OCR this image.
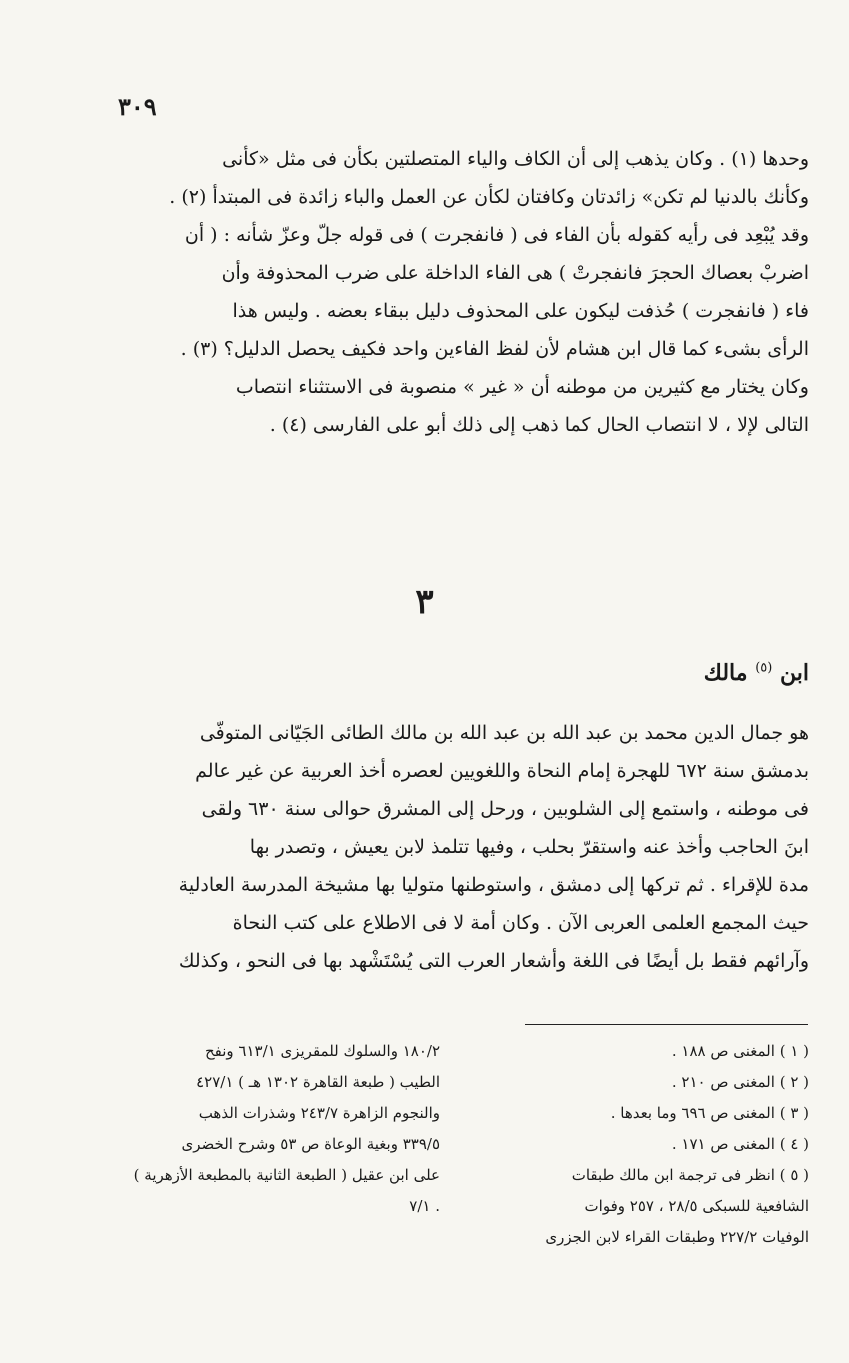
٣٠٩
وحدها (١) . وكان يذهب إلى أن الكاف والياء المتصلتين بكأن فى مثل «كأنى
وكأنك بالدنيا لم تكن» زائدتان وكافتان لكأن عن العمل والباء زائدة فى المبتدأ (٢) .
وقد يُبْعِد فى رأيه كقوله بأن الفاء فى ( فانفجرت ) فى قوله جلّ وعزّ شأنه : ( أن
اضربْ بعصاك الحجرَ فانفجرتْ ) هى الفاء الداخلة على ضرب المحذوفة وأن
فاء ( فانفجرت ) حُذفت ليكون على المحذوف دليل ببقاء بعضه . وليس هذا
الرأى بشىء كما قال ابن هشام لأن لفظ الفاءين واحد فكيف يحصل الدليل؟ (٣) .
وكان يختار مع كثيرين من موطنه أن « غير » منصوبة فى الاستثناء انتصاب
التالى لإلا ، لا انتصاب الحال كما ذهب إلى ذلك أبو على الفارسى (٤) .
٣
ابن $^{(٥)}$ مالك
هو جمال الدين محمد بن عبد الله بن عبد الله بن مالك الطائى الجَيّانى المتوفّى
بدمشق سنة ٦٧٢ للهجرة إمام النحاة واللغويين لعصره أخذ العربية عن غير عالم
فى موطنه ، واستمع إلى الشلوبين ، ورحل إلى المشرق حوالى سنة ٦٣٠ ولقى
ابنَ الحاجب وأخذ عنه واستقرّ بحلب ، وفيها تتلمذ لابن يعيش ، وتصدر بها
مدة للإقراء . ثم تركها إلى دمشق ، واستوطنها متوليا بها مشيخة المدرسة العادلية
حيث المجمع العلمى العربى الآن . وكان أمة لا فى الاطلاع على كتب النحاة
وآرائهم فقط بل أيضًا فى اللغة وأشعار العرب التى يُسْتَشْهد بها فى النحو ، وكذلك
( ١ ) المغنى ص ١٨٨ .
( ٢ ) المغنى ص ٢١٠ .
( ٣ ) المغنى ص ٦٩٦ وما بعدها .
( ٤ ) المغنى ص ١٧١ .
( ٥ ) انظر فى ترجمة ابن مالك طبقات
الشافعية للسبكى ٢٨/٥ ، ٢٥٧ وفوات
الوفيات ٢٢٧/٢ وطبقات القراء لابن الجزرى
١٨٠/٢ والسلوك للمقريزى ٦١٣/١ ونفح
الطيب ( طبعة القاهرة ١٣٠٢ هـ ) ٤٢٧/١
والنجوم الزاهرة ٢٤٣/٧ وشذرات الذهب
٣٣٩/٥ وبغية الوعاة ص ٥٣ وشرح الخضرى
على ابن عقيل ( الطبعة الثانية بالمطبعة الأزهرية )
. ٧/١
